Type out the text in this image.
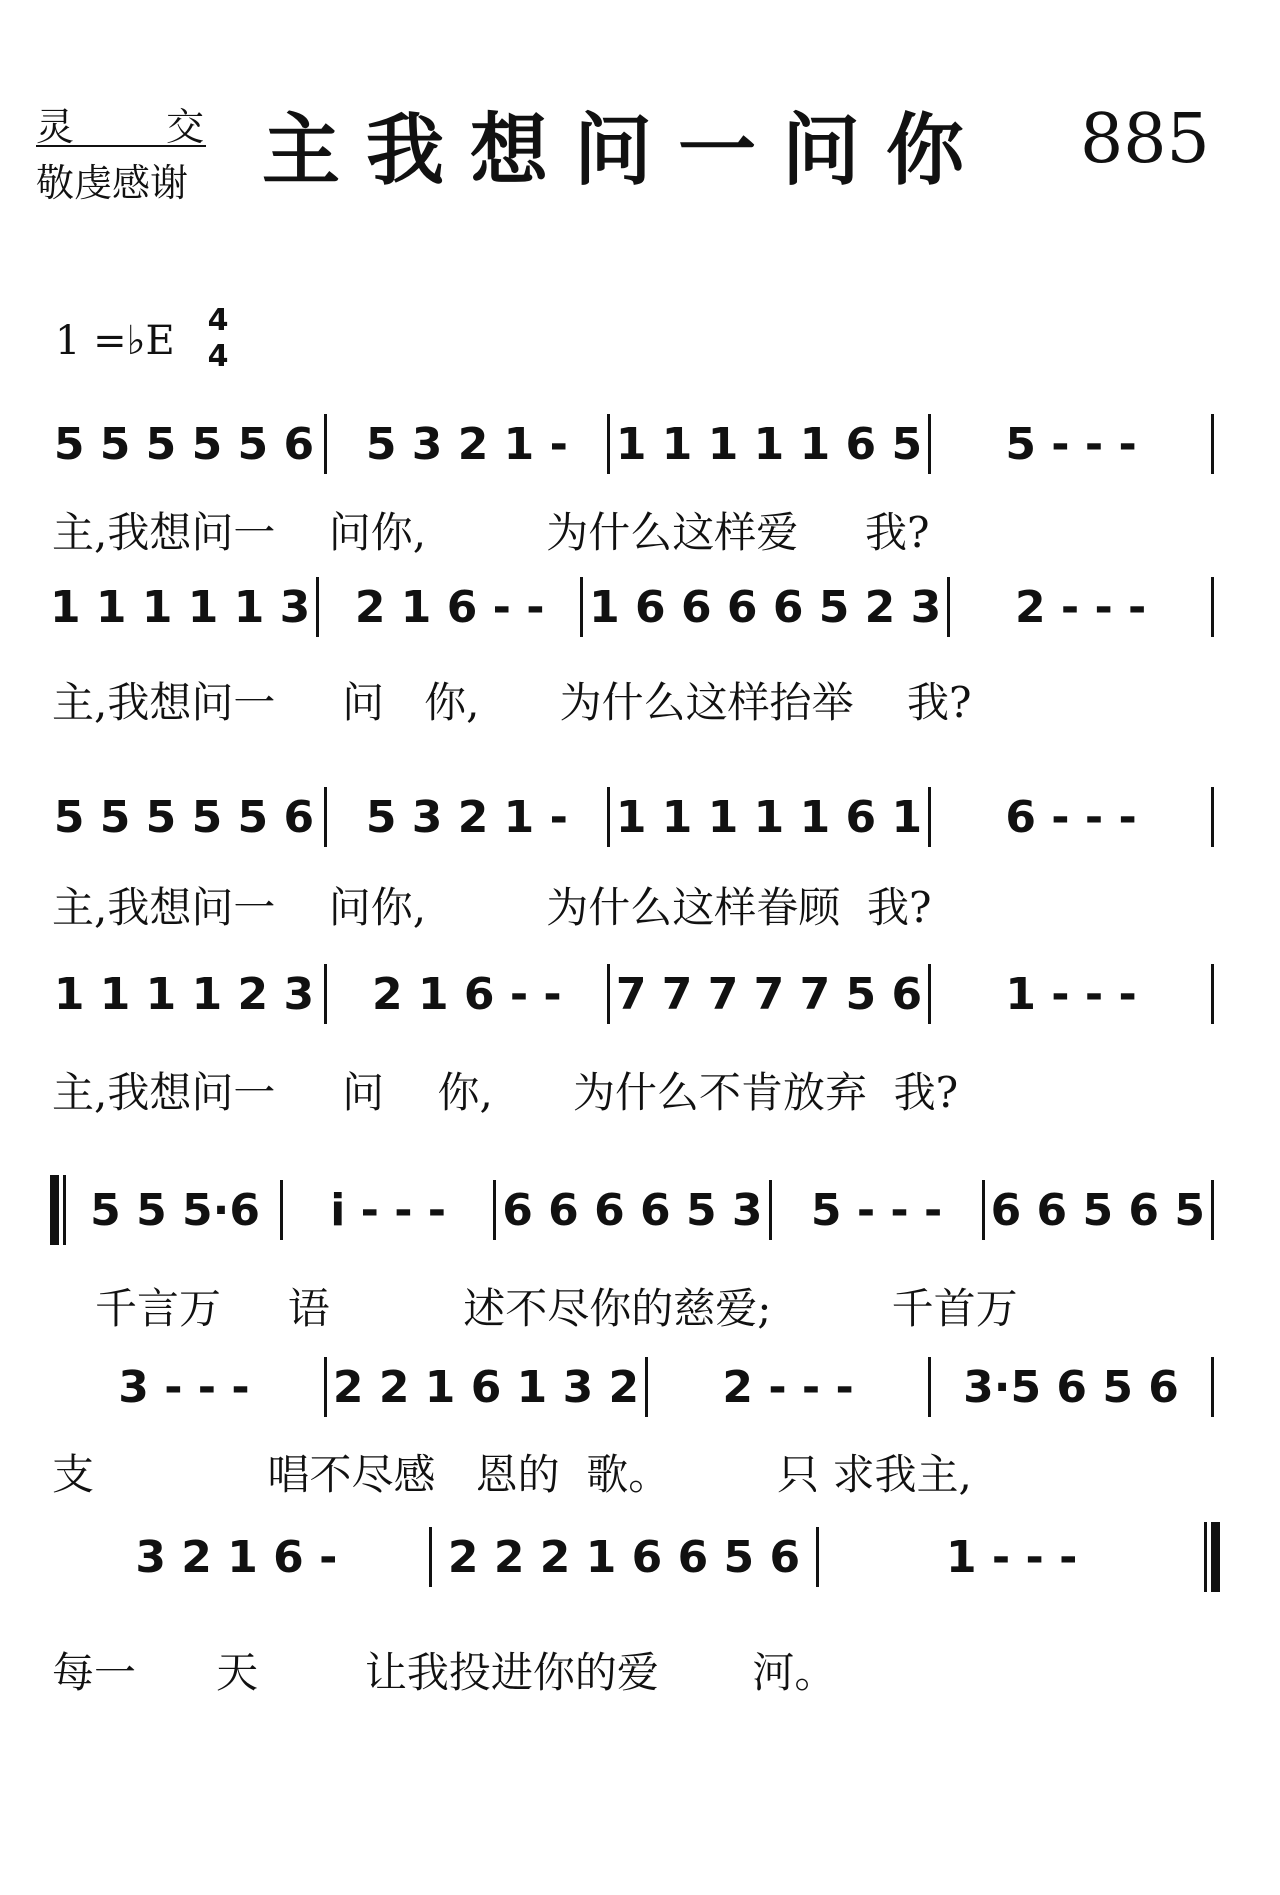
灵 交
敬虔感谢 主我想问一问你 885
1 =♭E 4
4
5 5 5 5 5 6	5 3 2 1 -	1 1 1 1 1 6 5	5 - - -
主,我想问一    问你,         为什么这样爱     我?
1 1 1 1 1 3	2 1 6 - -	1 6 6 6 6 5 2 3	2 - - -
主,我想问一     问   你,      为什么这样抬举    我?
5 5 5 5 5 6	5 3 2 1 -	1 1 1 1 1 6 1	6 - - -
主,我想问一    问你,         为什么这样眷顾  我?
1 1 1 1 2 3	2 1 6 - -	7 7 7 7 7 5 6	1 - - -
主,我想问一     问    你,      为什么不肯放弃  我?
5 5 5·6	i - - -	6 6 6 6 5 3	5 - - -	6 6 5 6 5
千言万     语          述不尽你的慈爱;         千首万
3 - - -	2 2 1 6 1 3 2	2 - - -	3·5 6 5 6
支             唱不尽感   恩的  歌。        只 求我主,
3 2 1 6 -	2 2 2 1 6 6 5 6	1 - - -
每一      天        让我投进你的爱       河。
